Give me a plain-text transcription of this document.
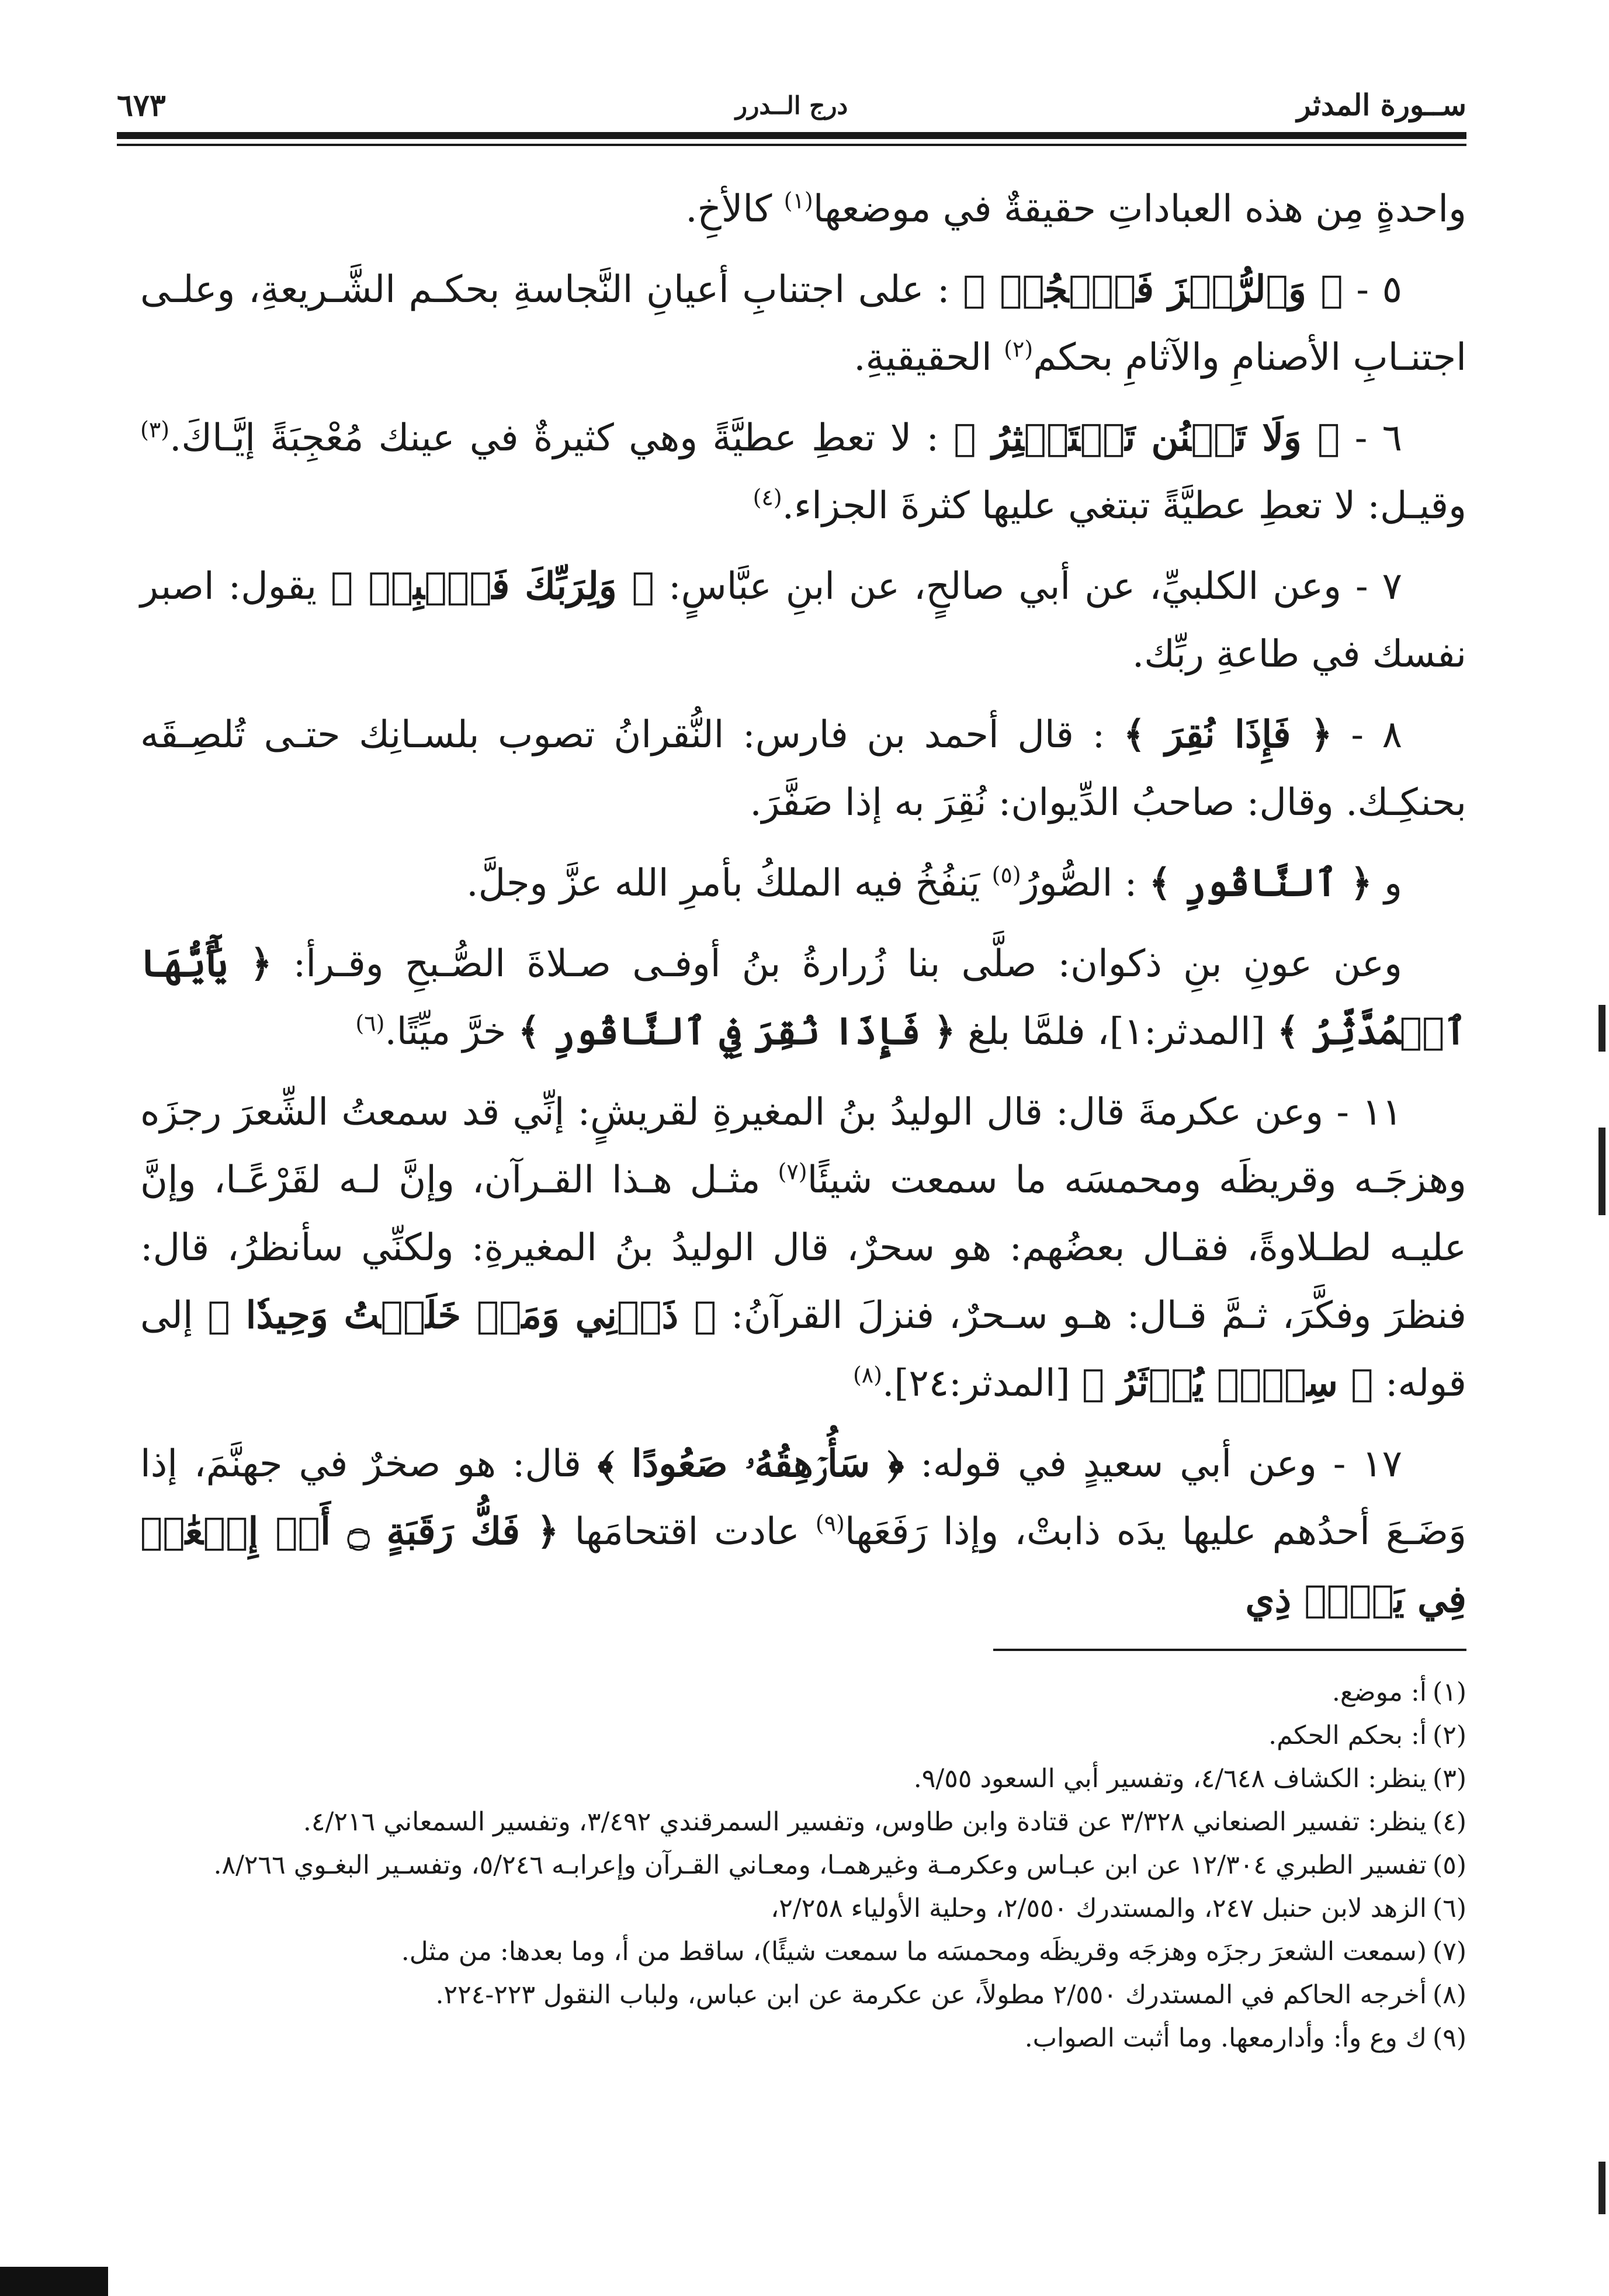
ســورة المدثر
درج الــدرر
٦٧٣

واحدةٍ مِن هذه العباداتِ حقيقةٌ في موضعها$^{(١)}$ كالأخِ.

٥ - ﴿ وَٱلرُّجۡزَ فَٱهۡجُرۡ ﴾ : على اجتنابِ أعيانِ النَّجاسةِ بحكـم الشَّـريعةِ، وعلـى اجتنـابِ الأصنامِ والآثامِ بحكم$^{(٢)}$ الحقيقيةِ.

٦ - ﴿ وَلَا تَمۡنُن تَسۡتَكۡثِرُ ﴾ : لا تعطِ عطيَّةً وهي كثيرةٌ في عينك مُعْجِبَةً إيَّـاكَ.$^{(٣)}$ وقيـل: لا تعطِ عطيَّةً تبتغي عليها كثرةَ الجزاء.$^{(٤)}$

٧ - وعن الكلبيِّ، عن أبي صالحٍ، عن ابنِ عبَّاسٍ: ﴿ وَلِرَبِّكَ فَٱصۡبِرۡ ﴾ يقول: اصبر نفسك في طاعةِ ربِّك.

٨ - ﴿ فَإِذَا نُقِرَ ﴾ : قال أحمد بن فارس: النُّقرانُ تصوب بلسـانِك حتـى تُلصِـقَه بحنكِـك. وقال: صاحبُ الدِّيوان: نُقِرَ به إذا صَفَّرَ.

و ﴿ ٱلنَّاقُورِ ﴾ : الصُّورُ$^{(٥)}$ يَنفُخُ فيه الملكُ بأمرِ الله عزَّ وجلَّ.

وعن عونِ بنِ ذكوان: صلَّى بنا زُرارةُ بنُ أوفـى صـلاةَ الصُّـبحِ وقـرأ: ﴿ يَٰٓأَيُّهَا ٱلۡمُدَّثِّرُ ﴾ [المدثر:١]، فلمَّا بلغ ﴿ فَإِذَا نُقِرَ فِي ٱلنَّاقُورِ ﴾ خرَّ ميِّتًا.$^{(٦)}$

١١ - وعن عكرمةَ قال: قال الوليدُ بنُ المغيرةِ لقريشٍ: إنِّي قد سمعتُ الشِّعرَ رجزَه وهزجَـه وقريظَه ومحمسَه ما سمعت شيئًا$^{(٧)}$ مثـل هـذا القـرآن، وإنَّ لـه لقَرْعًـا، وإنَّ عليـه لطـلاوةً، فقـال بعضُهم: هو سحرٌ، قال الوليدُ بنُ المغيرةِ: ولكنِّي سأنظرُ، قال: فنظرَ وفكَّرَ، ثـمَّ قـال: هـو سـحرٌ، فنزلَ القرآنُ: ﴿ ذَرۡنِي وَمَنۡ خَلَقۡتُ وَحِيدٗا ﴾ إلى قوله: ﴿ سِحۡرٞ يُؤۡثَرُ ﴾ [المدثر:٢٤].$^{(٨)}$

١٧ - وعن أبي سعيدٍ في قوله: ﴿ سَأُرۡهِقُهُۥ صَعُودًا ﴾ قال: هو صخرٌ في جهنَّمَ، إذا وَضَـعَ أحدُهم عليها يدَه ذابتْ، وإذا رَفَعَها$^{(٩)}$ عادت اقتحامَها ﴿ فَكُّ رَقَبَةٍ ۝ أَوۡ إِطۡعَٰمٞ فِي يَوۡمٖ ذِي

(١)أ: موضع.

(٢)أ: بحكم الحكم.

(٣)ينظر: الكشاف ٤/٦٤٨، وتفسير أبي السعود ٩/٥٥.

(٤)ينظر: تفسير الصنعاني ٣/٣٢٨ عن قتادة وابن طاوس، وتفسير السمرقندي ٣/٤٩٢، وتفسير السمعاني ٤/٢١٦.

(٥)تفسير الطبري ١٢/٣٠٤ عن ابن عبـاس وعكرمـة وغيرهمـا، ومعـاني القـرآن وإعرابـه ٥/٢٤٦، وتفسـير البغـوي ٨/٢٦٦.

(٦)الزهد لابن حنبل ٢٤٧، والمستدرك ٢/٥٥٠، وحلية الأولياء ٢/٢٥٨،

(٧)(سمعت الشعرَ رجزَه وهزجَه وقريظَه ومحمسَه ما سمعت شيئًا)، ساقط من أ، وما بعدها: من مثل.

(٨)أخرجه الحاكم في المستدرك ٢/٥٥٠ مطولاً، عن عكرمة عن ابن عباس، ولباب النقول ٢٢٣-٢٢٤.

(٩)ك وع وأ: وأدارمعها. وما أثبت الصواب.
